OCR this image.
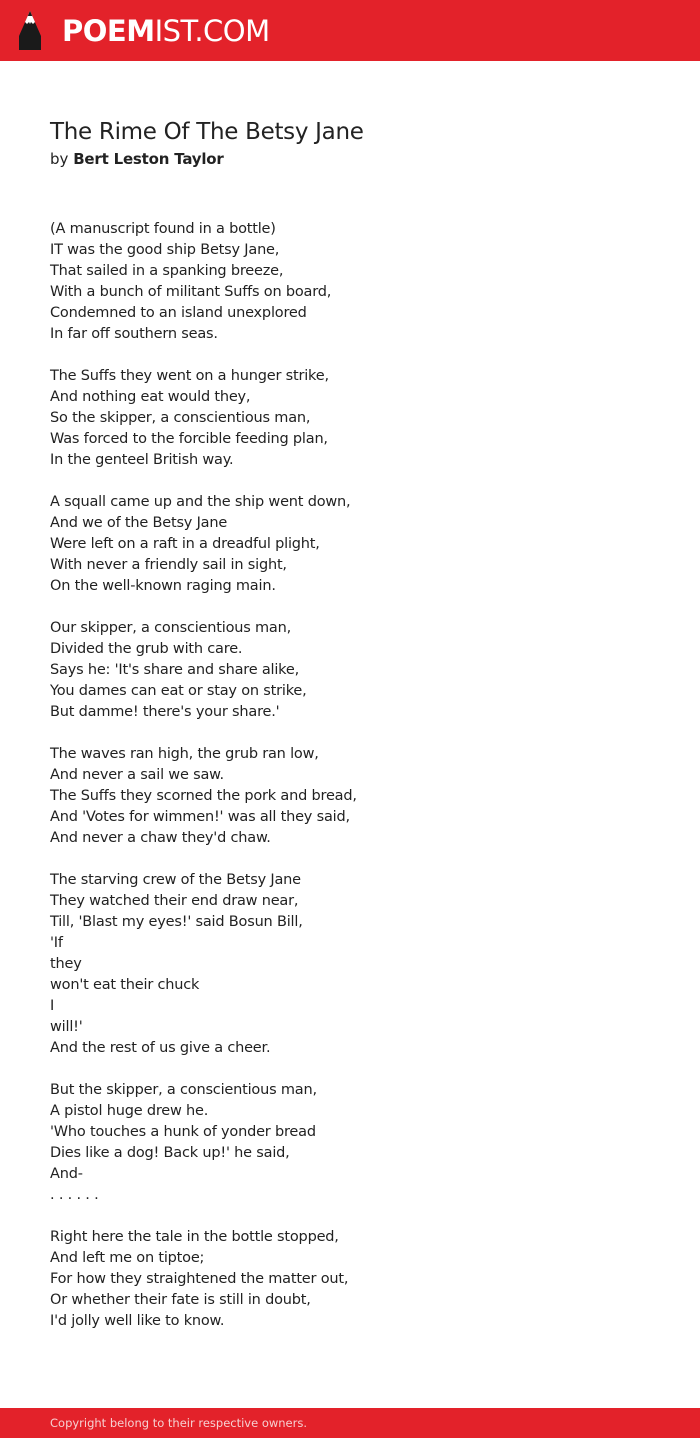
POEMIST.COM
The Rime Of The Betsy Jane
by Bert Leston Taylor
(A manuscript found in a bottle)
IT was the good ship Betsy Jane,
That sailed in a spanking breeze,
With a bunch of militant Suffs on board,
Condemned to an island unexplored
In far off southern seas.
The Suffs they went on a hunger strike,
And nothing eat would they,
So the skipper, a conscientious man,
Was forced to the forcible feeding plan,
In the genteel British way.
A squall came up and the ship went down,
And we of the Betsy Jane
Were left on a raft in a dreadful plight,
With never a friendly sail in sight,
On the well-known raging main.
Our skipper, a conscientious man,
Divided the grub with care.
Says he: 'It's share and share alike,
You dames can eat or stay on strike,
But damme! there's your share.'
The waves ran high, the grub ran low,
And never a sail we saw.
The Suffs they scorned the pork and bread,
And 'Votes for wimmen!' was all they said,
And never a chaw they'd chaw.
The starving crew of the Betsy Jane
They watched their end draw near,
Till, 'Blast my eyes!' said Bosun Bill,
'If
they
won't eat their chuck
I
will!'
And the rest of us give a cheer.
But the skipper, a conscientious man,
A pistol huge drew he.
'Who touches a hunk of yonder bread
Dies like a dog! Back up!' he said,
And-
. . . . . .
Right here the tale in the bottle stopped,
And left me on tiptoe;
For how they straightened the matter out,
Or whether their fate is still in doubt,
I'd jolly well like to know.
Copyright belong to their respective owners.
